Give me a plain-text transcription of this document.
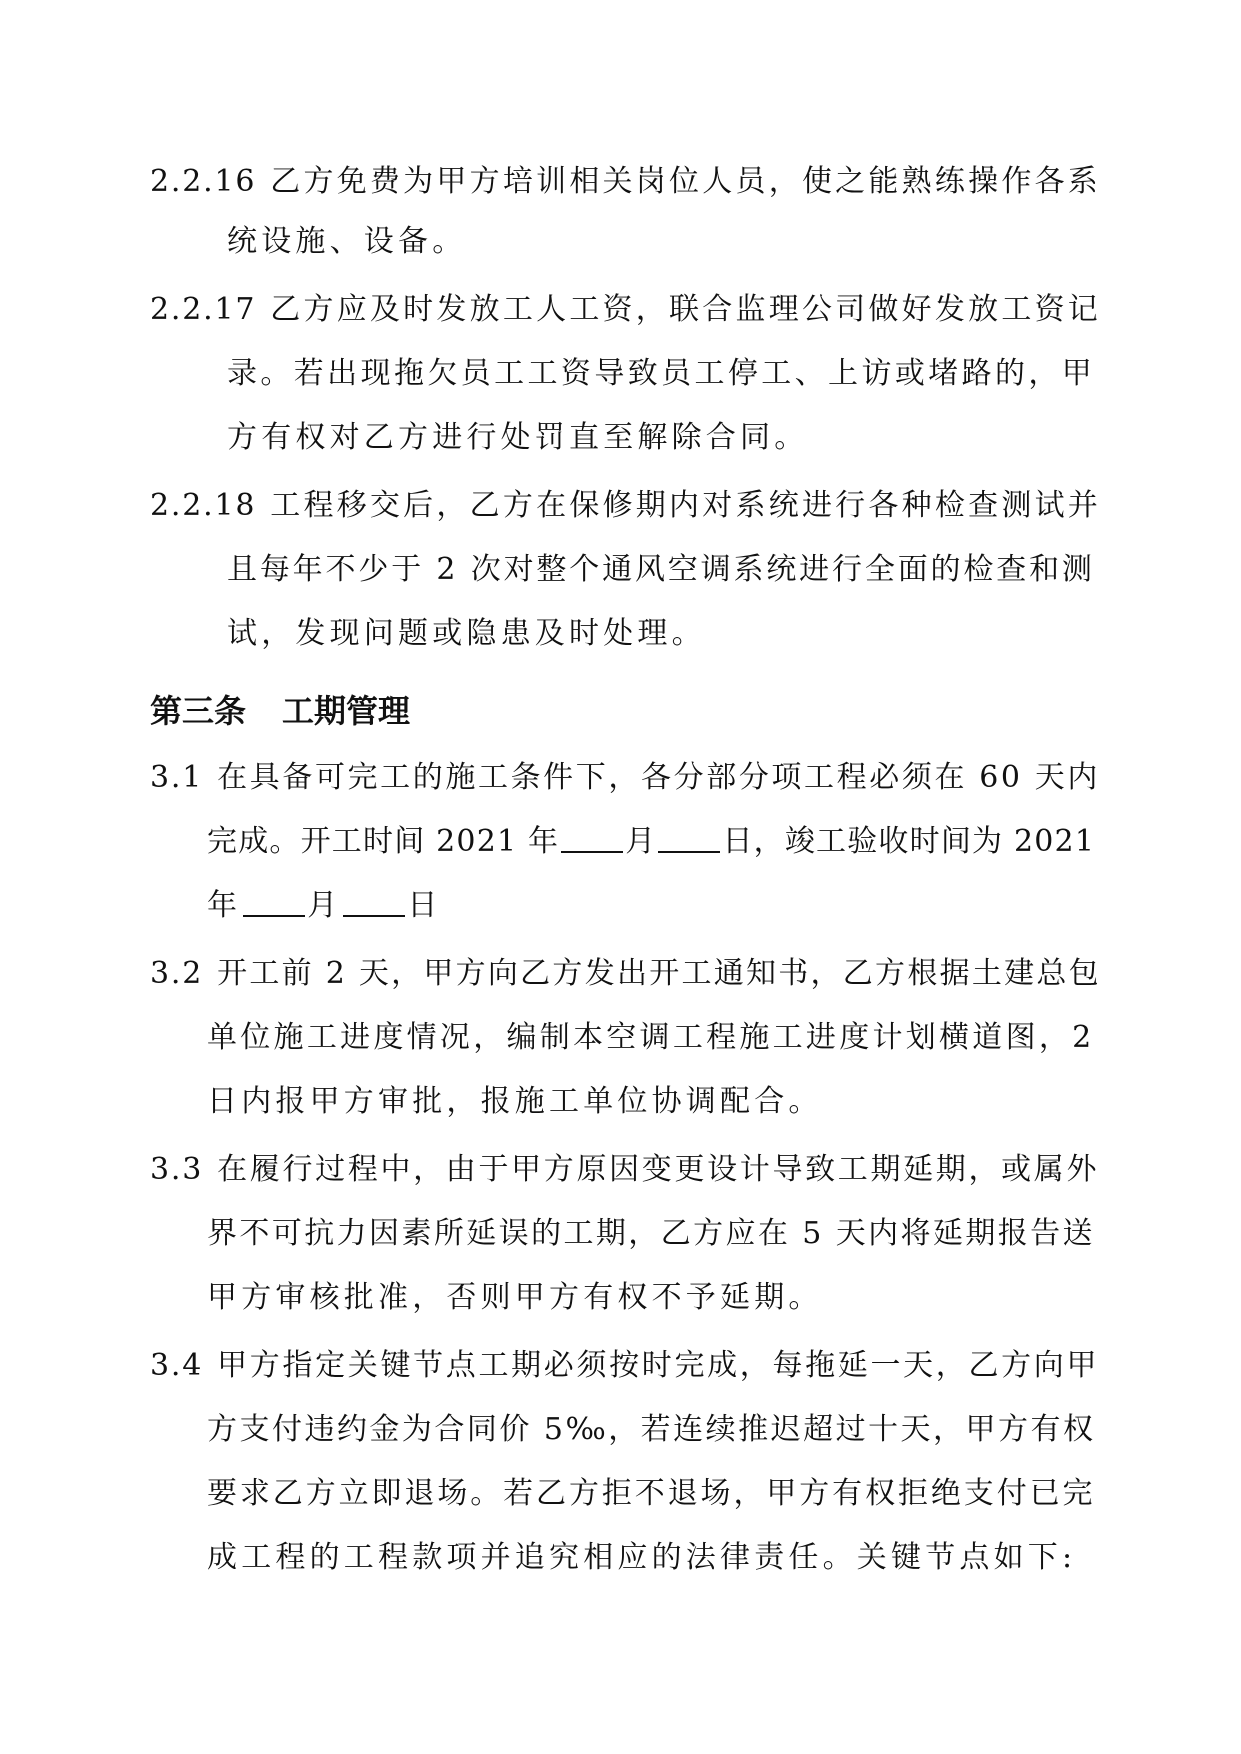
2.2.16 乙方免费为甲方培训相关岗位人员，使之能熟练操作各系
统设施、设备。
2.2.17 乙方应及时发放工人工资，联合监理公司做好发放工资记
录。若出现拖欠员工工资导致员工停工、上访或堵路的，甲
方有权对乙方进行处罚直至解除合同。
2.2.18 工程移交后，乙方在保修期内对系统进行各种检查测试并
且每年不少于 2 次对整个通风空调系统进行全面的检查和测
试，发现问题或隐患及时处理。
第三条 工期管理
3.1 在具备可完工的施工条件下，各分部分项工程必须在 60 天内
完成。开工时间 2021 年 月 日，竣工验收时间为 2021
年 月 日
3.2 开工前 2 天，甲方向乙方发出开工通知书，乙方根据土建总包
单位施工进度情况，编制本空调工程施工进度计划横道图，2
日内报甲方审批，报施工单位协调配合。
3.3 在履行过程中，由于甲方原因变更设计导致工期延期，或属外
界不可抗力因素所延误的工期，乙方应在 5 天内将延期报告送
甲方审核批准，否则甲方有权不予延期。
3.4 甲方指定关键节点工期必须按时完成，每拖延一天，乙方向甲
方支付违约金为合同价 5‰，若连续推迟超过十天，甲方有权
要求乙方立即退场。若乙方拒不退场，甲方有权拒绝支付已完
成工程的工程款项并追究相应的法律责任。关键节点如下:
